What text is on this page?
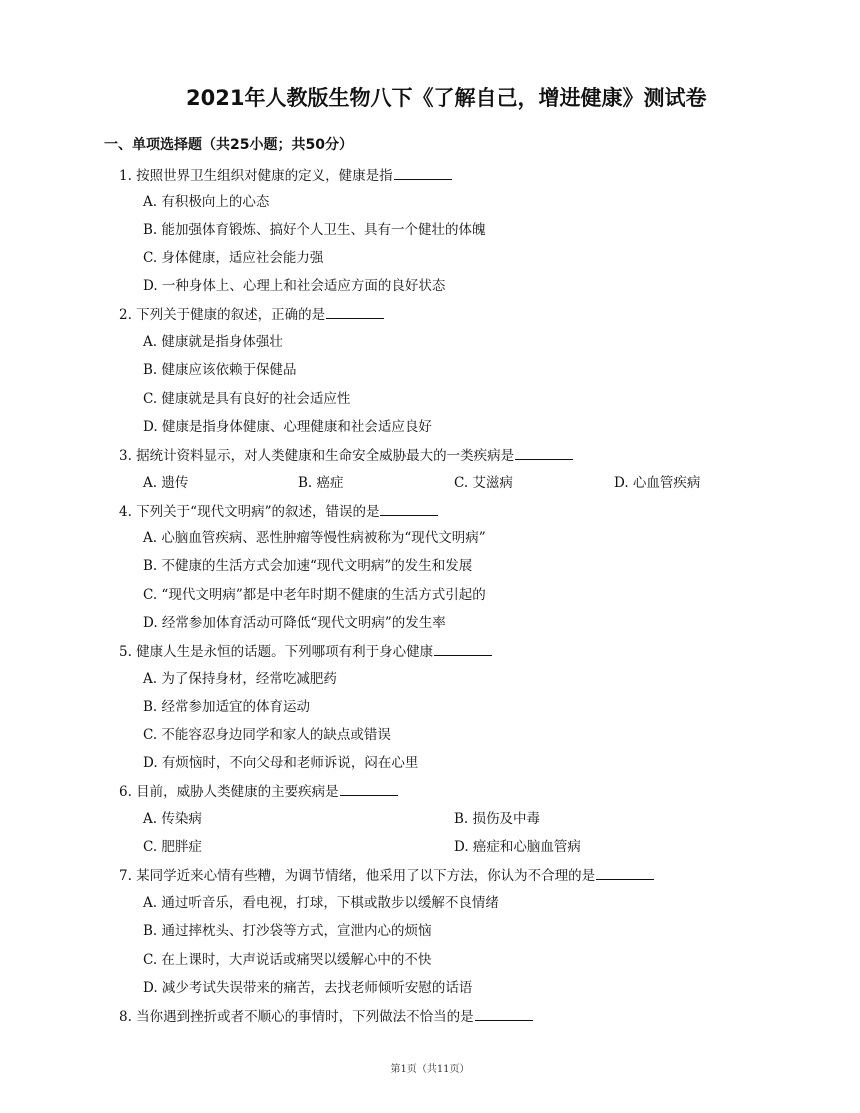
2021年人教版生物八下《了解自己，增进健康》测试卷
一、单项选择题（共25小题；共50分）
1. 按照世界卫生组织对健康的定义，健康是指
A. 有积极向上的心态
B. 能加强体育锻炼、搞好个人卫生、具有一个健壮的体魄
C. 身体健康，适应社会能力强
D. 一种身体上、心理上和社会适应方面的良好状态
2. 下列关于健康的叙述，正确的是
A. 健康就是指身体强壮
B. 健康应该依赖于保健品
C. 健康就是具有良好的社会适应性
D. 健康是指身体健康、心理健康和社会适应良好
3. 据统计资料显示，对人类健康和生命安全威胁最大的一类疾病是
A. 遗传	B. 癌症	C. 艾滋病	D. 心血管疾病
4. 下列关于“现代文明病”的叙述，错误的是
A. 心脑血管疾病、恶性肿瘤等慢性病被称为“现代文明病”
B. 不健康的生活方式会加速“现代文明病”的发生和发展
C. “现代文明病”都是中老年时期不健康的生活方式引起的
D. 经常参加体育活动可降低“现代文明病”的发生率
5. 健康人生是永恒的话题。下列哪项有利于身心健康
A. 为了保持身材，经常吃减肥药
B. 经常参加适宜的体育运动
C. 不能容忍身边同学和家人的缺点或错误
D. 有烦恼时，不向父母和老师诉说，闷在心里
6. 目前，威胁人类健康的主要疾病是
A. 传染病	B. 损伤及中毒
C. 肥胖症	D. 癌症和心脑血管病
7. 某同学近来心情有些糟，为调节情绪，他采用了以下方法，你认为不合理的是
A. 通过听音乐，看电视，打球，下棋或散步以缓解不良情绪
B. 通过摔枕头、打沙袋等方式，宣泄内心的烦恼
C. 在上课时，大声说话或痛哭以缓解心中的不快
D. 减少考试失误带来的痛苦，去找老师倾听安慰的话语
8. 当你遇到挫折或者不顺心的事情时，下列做法不恰当的是
第1页（共11页）
